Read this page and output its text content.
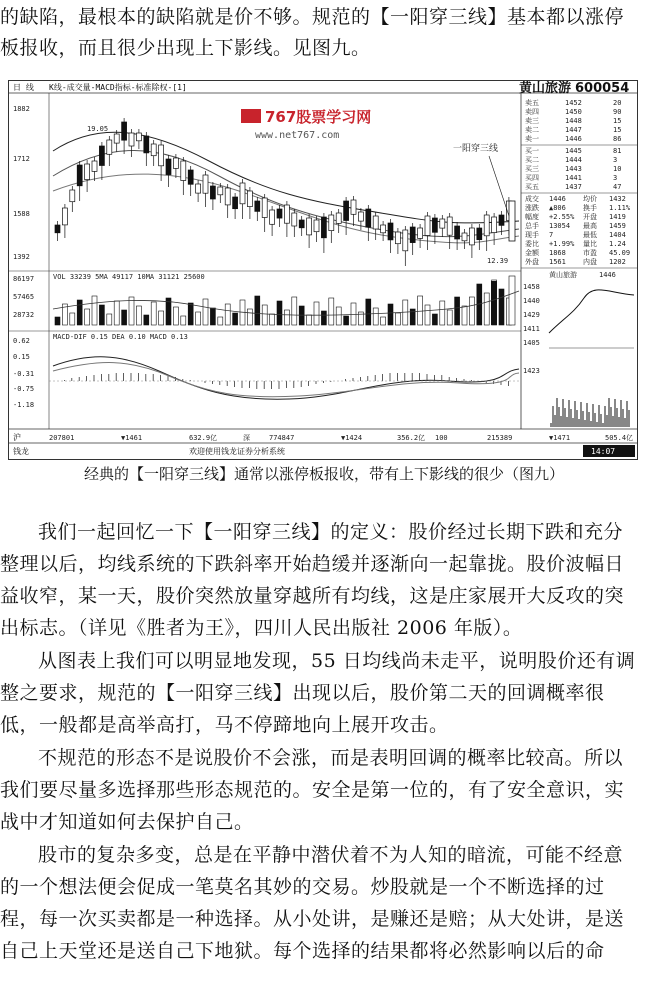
的缺陷，最根本的缺陷就是价不够。规范的【一阳穿三线】基本都以涨停

板报收，而且很少出现上下影线。见图九。

日 线 K线-成交量-MACD指标-标准除权-[1]	黄山旅游 600054
1882
1712
1588
1392
86197
57465
28732
0.62
0.15
-0.31
-0.75
-1.18
VOL 33239 5MA 49117 10MA 31121 25600
MACD-DIF 0.15 DEA 0.10 MACD 0.13
19.05
12.39
一阳穿三线
767股票学习网
www.net767.com
卖五	1452	20
卖四	1450	90
卖三	1448	15
卖二	1447	15
卖一	1446	86
买一	1445	81
买二	1444	3
买三	1443	10
买四	1441	3
买五	1437	47
成交 1446 均价 1432
涨跌 ▲806 换手 1.11%
幅度 +2.55% 开盘 1419
总手 13054 最高 1459
现手 7	最低 1404
委比 +1.99% 量比 1.24
金额 1868 市盈 45.09
外盘 1561 内盘 1202
黄山旅游	1446
1458
1440
1429
1411
1405
1423
沪	207801	▼1461	632.9亿	深	774847	▼1424	356.2亿 100	215389	▼1471	505.4亿
钱龙	欢迎使用钱龙证券分析系统	14:07
经典的【一阳穿三线】通常以涨停板报收，带有上下影线的很少（图九）

我们一起回忆一下【一阳穿三线】的定义：股价经过长期下跌和充分

整理以后，均线系统的下跌斜率开始趋缓并逐渐向一起靠拢。股价波幅日

益收窄，某一天，股价突然放量穿越所有均线，这是庄家展开大反攻的突

出标志。（详见《胜者为王》，四川人民出版社 2006 年版）。

从图表上我们可以明显地发现，55 日均线尚未走平，说明股价还有调

整之要求，规范的【一阳穿三线】出现以后，股价第二天的回调概率很

低，一般都是高举高打，马不停蹄地向上展开攻击。

不规范的形态不是说股价不会涨，而是表明回调的概率比较高。所以

我们要尽量多选择那些形态规范的。安全是第一位的，有了安全意识，实

战中才知道如何去保护自己。

股市的复杂多变，总是在平静中潜伏着不为人知的暗流，可能不经意

的一个想法便会促成一笔莫名其妙的交易。炒股就是一个不断选择的过

程，每一次买卖都是一种选择。从小处讲，是赚还是赔；从大处讲，是送

自己上天堂还是送自己下地狱。每个选择的结果都将必然影响以后的命
